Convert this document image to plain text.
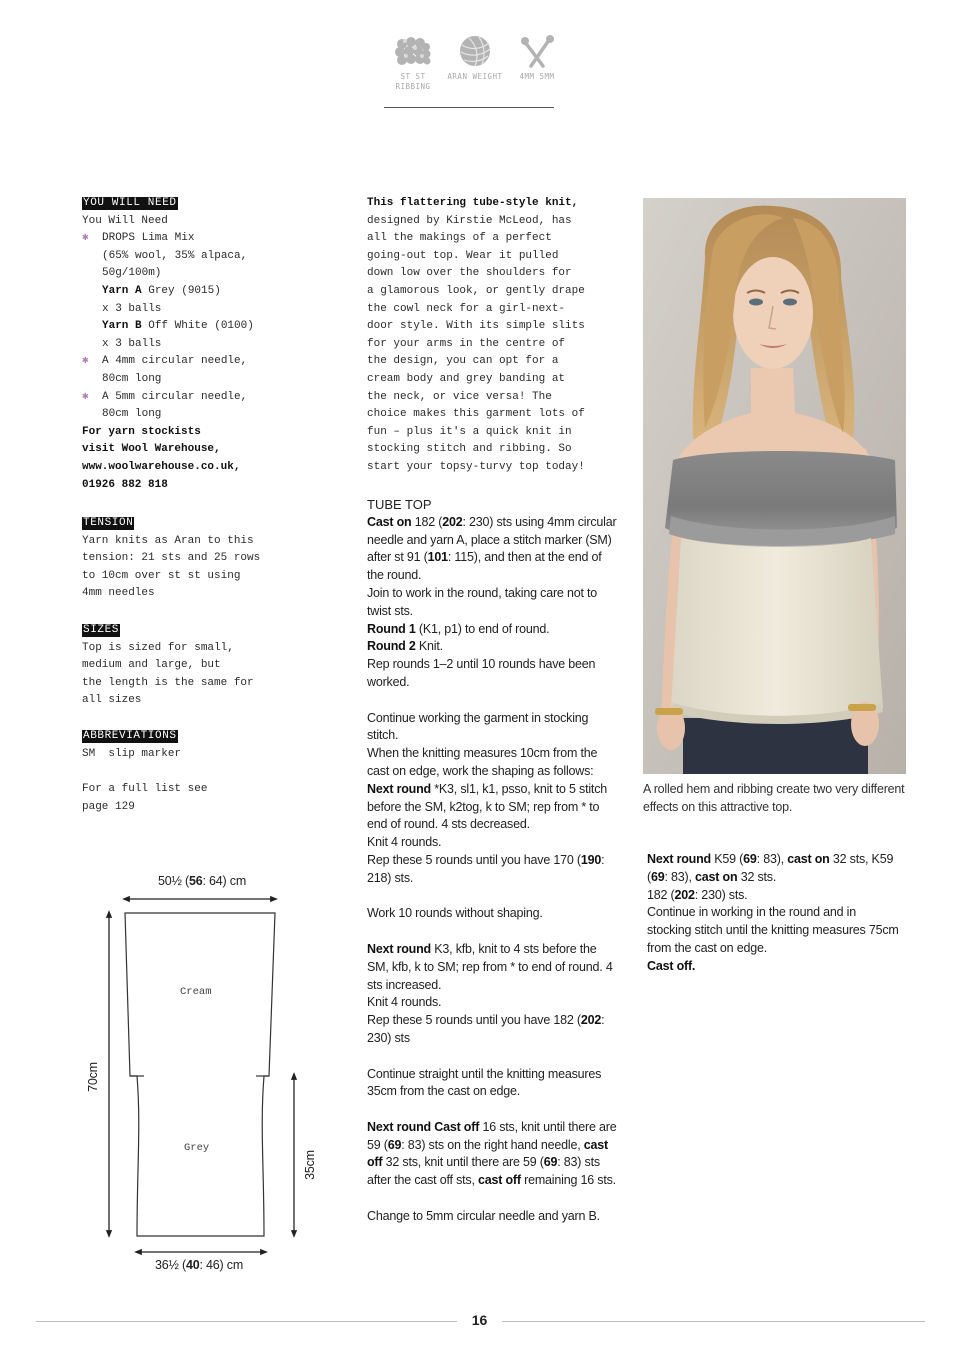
ST ST RIBBING
ARAN WEIGHT	4MM 5MM
YOU WILL NEED
You Will Need
✱ DROPS Lima Mix
(65% wool, 35% alpaca,
50g/100m)
Yarn A Grey (9015)
x 3 balls
Yarn B Off White (0100)
x 3 balls
✱ A 4mm circular needle,
80cm long
✱ A 5mm circular needle,
80cm long
For yarn stockists
visit Wool Warehouse,
www.woolwarehouse.co.uk,
01926 882 818
TENSION
Yarn knits as Aran to this
tension: 21 sts and 25 rows
to 10cm over st st using
4mm needles
SIZES
Top is sized for small,
medium and large, but
the length is the same for
all sizes
ABBREVIATIONS
SM  slip marker
For a full list see
page 129
50½ (56: 64) cm
Cream
Grey
70cm
35cm
36½ (40: 46) cm
This flattering tube-style knit,
designed by Kirstie McLeod, has
all the makings of a perfect
going-out top. Wear it pulled
down low over the shoulders for
a glamorous look, or gently drape
the cowl neck for a girl-next-
door style. With its simple slits
for your arms in the centre of
the design, you can opt for a
cream body and grey banding at
the neck, or vice versa! The
choice makes this garment lots of
fun – plus it's a quick knit in
stocking stitch and ribbing. So
start your topsy-turvy top today!
TUBE TOP
Cast on 182 (202: 230) sts using 4mm circular needle and yarn A, place a stitch marker (SM) after st 91 (101: 115), and then at the end of the round.
Join to work in the round, taking care not to twist sts.
Round 1 (K1, p1) to end of round.
Round 2 Knit.
Rep rounds 1–2 until 10 rounds have been worked.
Continue working the garment in stocking stitch.
When the knitting measures 10cm from the cast on edge, work the shaping as follows:
Next round *K3, sl1, k1, psso, knit to 5 stitch before the SM, k2tog, k to SM; rep from * to end of round. 4 sts decreased.
Knit 4 rounds.
Rep these 5 rounds until you have 170 (190: 218) sts.
Work 10 rounds without shaping.
Next round K3, kfb, knit to 4 sts before the SM, kfb, k to SM; rep from * to end of round. 4 sts increased.
Knit 4 rounds.
Rep these 5 rounds until you have 182 (202: 230) sts
Continue straight until the knitting measures 35cm from the cast on edge.
Next round Cast off 16 sts, knit until there are 59 (69: 83) sts on the right hand needle, cast off 32 sts, knit until there are 59 (69: 83) sts after the cast off sts, cast off remaining 16 sts.
Change to 5mm circular needle and yarn B.
A rolled hem and ribbing create two very different effects on this attractive top.
Next round K59 (69: 83), cast on 32 sts, K59 (69: 83), cast on 32 sts.
182 (202: 230) sts.
Continue in working in the round and in stocking stitch until the knitting measures 75cm from the cast on edge.
Cast off.
16
